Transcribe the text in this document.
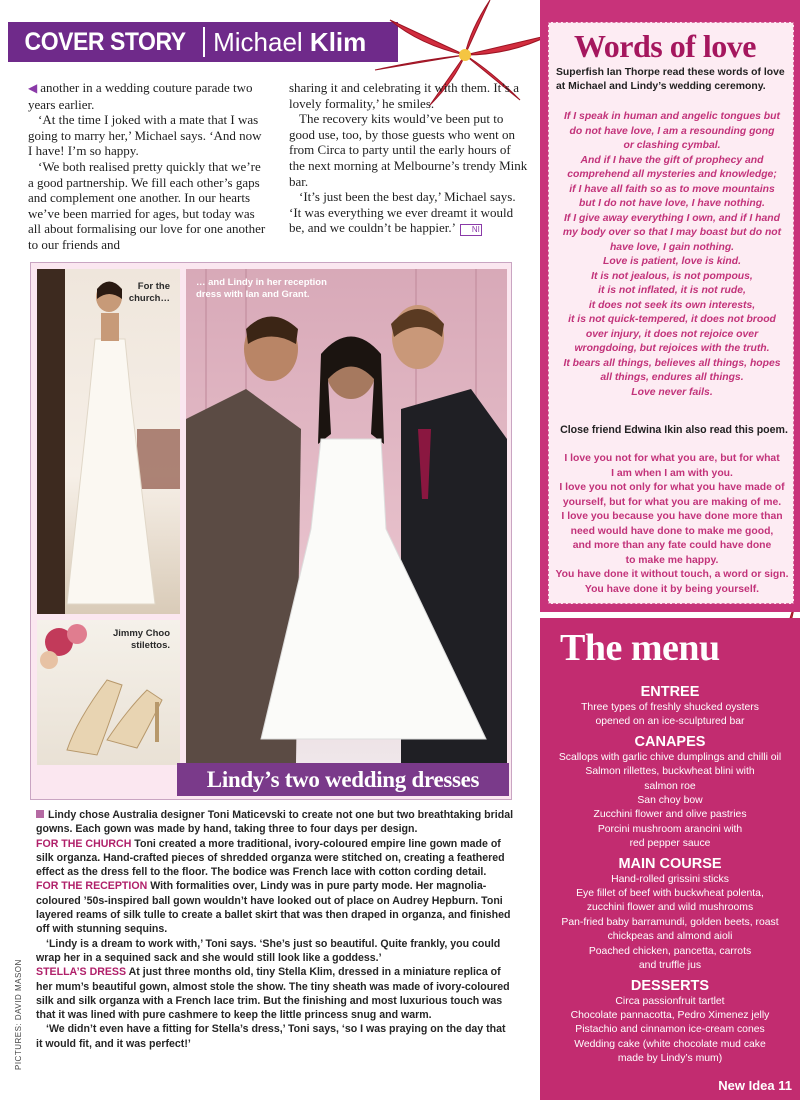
COVER STORY	Michael Klim

◀ another in a wedding couture parade two years earlier.

‘At the time I joked with a mate that I was going to marry her,’ Michael says. ‘And now I have! I’m so happy.

‘We both realised pretty quickly that we’re a good partnership. We fill each other’s gaps and complement one another. In our hearts we’ve been married for ages, but today was all about formalising our love for one another to our friends and

sharing it and celebrating it with them. It’s a lovely formality,’ he smiles.

The recovery kits would’ve been put to good use, too, by those guests who went on from Circa to party until the early hours of the next morning at Melbourne’s trendy Mink bar.

‘It’s just been the best day,’ Michael says. ‘It was everything we ever dreamt it would be, and we couldn’t be happier.’ NI

For the church…
Jimmy Choo stilettos.
… and Lindy in her reception dress with Ian and Grant.
Lindy’s two wedding dresses

Lindy chose Australia designer Toni Maticevski to create not one but two breathtaking bridal gowns. Each gown was made by hand, taking three to four days per design.
FOR THE CHURCH Toni created a more traditional, ivory-coloured empire line gown made of silk organza. Hand-crafted pieces of shredded organza were stitched on, creating a feathered effect as the dress fell to the floor. The bodice was French lace with cotton cording detail.
FOR THE RECEPTION With formalities over, Lindy was in pure party mode. Her magnolia-coloured ’50s-inspired ball gown wouldn’t have looked out of place on Audrey Hepburn. Toni layered reams of silk tulle to create a ballet skirt that was then draped in organza, and finished off with stunning sequins.

‘Lindy is a dream to work with,’ Toni says. ‘She’s just so beautiful. Quite frankly, you could wrap her in a sequined sack and she would still look like a goddess.’

STELLA’S DRESS At just three months old, tiny Stella Klim, dressed in a miniature replica of her mum’s beautiful gown, almost stole the show. The tiny sheath was made of ivory-coloured silk and silk organza with a French lace trim. But the finishing and most luxurious touch was that it was lined with pure cashmere to keep the little princess snug and warm.

‘We didn’t even have a fitting for Stella’s dress,’ Toni says, ‘so I was praying on the day that it would fit, and it was perfect!’

PICTURES: DAVID MASON
Words of love
Superfish Ian Thorpe read these words of love at Michael and Lindy’s wedding ceremony.
If I speak in human and angelic tongues but
do not have love, I am a resounding gong
or clashing cymbal.
And if I have the gift of prophecy and
comprehend all mysteries and knowledge;
if I have all faith so as to move mountains
but I do not have love, I have nothing.
If I give away everything I own, and if I hand
my body over so that I may boast but do not
have love, I gain nothing.
Love is patient, love is kind.
It is not jealous, is not pompous,
it is not inflated, it is not rude,
it does not seek its own interests,
it is not quick-tempered, it does not brood
over injury, it does not rejoice over
wrongdoing, but rejoices with the truth.
It bears all things, believes all things, hopes
all things, endures all things.
Love never fails.
Close friend Edwina Ikin also read this poem.
I love you not for what you are, but for what
I am when I am with you.
I love you not only for what you have made of
yourself, but for what you are making of me.
I love you because you have done more than
need would have done to make me good,
and more than any fate could have done
to make me happy.
You have done it without touch, a word or sign.
You have done it by being yourself.
The menu
ENTREE
Three types of freshly shucked oysters
opened on an ice-sculptured bar
CANAPES
Scallops with garlic chive dumplings and chilli oil
Salmon rillettes, buckwheat blini with
salmon roe
San choy bow
Zucchini flower and olive pastries
Porcini mushroom arancini with
red pepper sauce
MAIN COURSE
Hand-rolled grissini sticks
Eye fillet of beef with buckwheat polenta,
zucchini flower and wild mushrooms
Pan-fried baby barramundi, golden beets, roast
chickpeas and almond aioli
Poached chicken, pancetta, carrots
and truffle jus
DESSERTS
Circa passionfruit tartlet
Chocolate pannacotta, Pedro Ximenez jelly
Pistachio and cinnamon ice-cream cones
Wedding cake (white chocolate mud cake
made by Lindy’s mum)
New Idea 11
